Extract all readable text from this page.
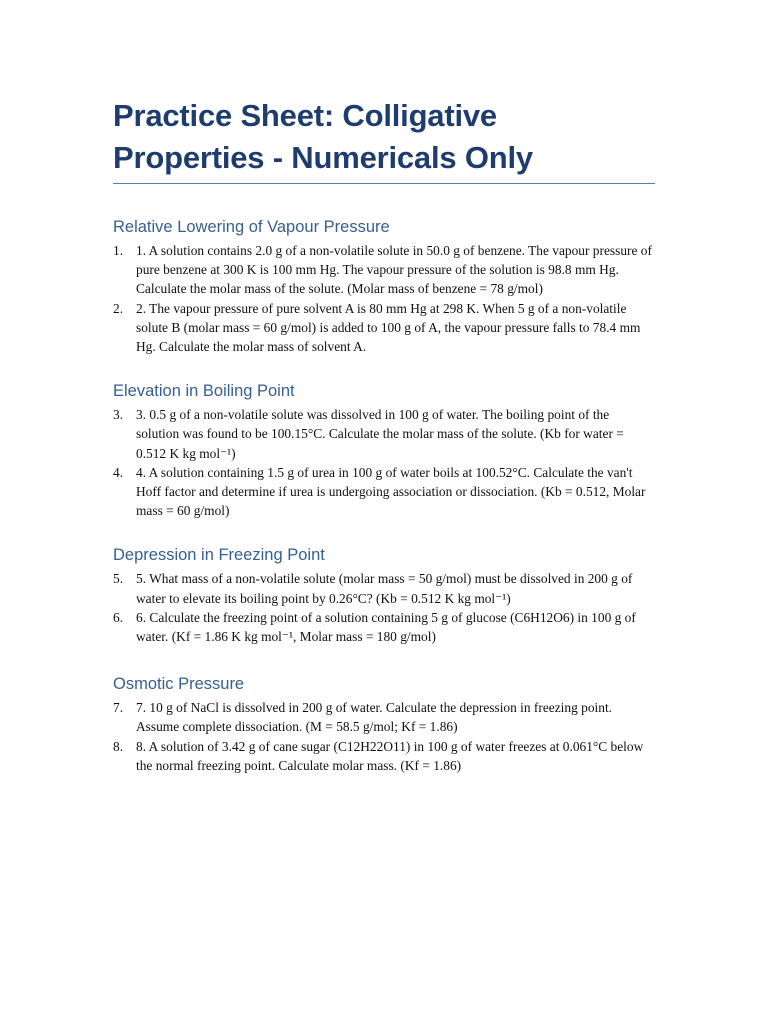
Practice Sheet: Colligative Properties - Numericals Only
Relative Lowering of Vapour Pressure
1. 1. A solution contains 2.0 g of a non-volatile solute in 50.0 g of benzene. The vapour pressure of pure benzene at 300 K is 100 mm Hg. The vapour pressure of the solution is 98.8 mm Hg. Calculate the molar mass of the solute. (Molar mass of benzene = 78 g/mol)
2. 2. The vapour pressure of pure solvent A is 80 mm Hg at 298 K. When 5 g of a non-volatile solute B (molar mass = 60 g/mol) is added to 100 g of A, the vapour pressure falls to 78.4 mm Hg. Calculate the molar mass of solvent A.
Elevation in Boiling Point
3. 3. 0.5 g of a non-volatile solute was dissolved in 100 g of water. The boiling point of the solution was found to be 100.15°C. Calculate the molar mass of the solute. (Kb for water = 0.512 K kg mol⁻¹)
4. 4. A solution containing 1.5 g of urea in 100 g of water boils at 100.52°C. Calculate the van't Hoff factor and determine if urea is undergoing association or dissociation. (Kb = 0.512, Molar mass = 60 g/mol)
Depression in Freezing Point
5. 5. What mass of a non-volatile solute (molar mass = 50 g/mol) must be dissolved in 200 g of water to elevate its boiling point by 0.26°C? (Kb = 0.512 K kg mol⁻¹)
6. 6. Calculate the freezing point of a solution containing 5 g of glucose (C6H12O6) in 100 g of water. (Kf = 1.86 K kg mol⁻¹, Molar mass = 180 g/mol)
Osmotic Pressure
7. 7. 10 g of NaCl is dissolved in 200 g of water. Calculate the depression in freezing point. Assume complete dissociation. (M = 58.5 g/mol; Kf = 1.86)
8. 8. A solution of 3.42 g of cane sugar (C12H22O11) in 100 g of water freezes at 0.061°C below the normal freezing point. Calculate molar mass. (Kf = 1.86)
